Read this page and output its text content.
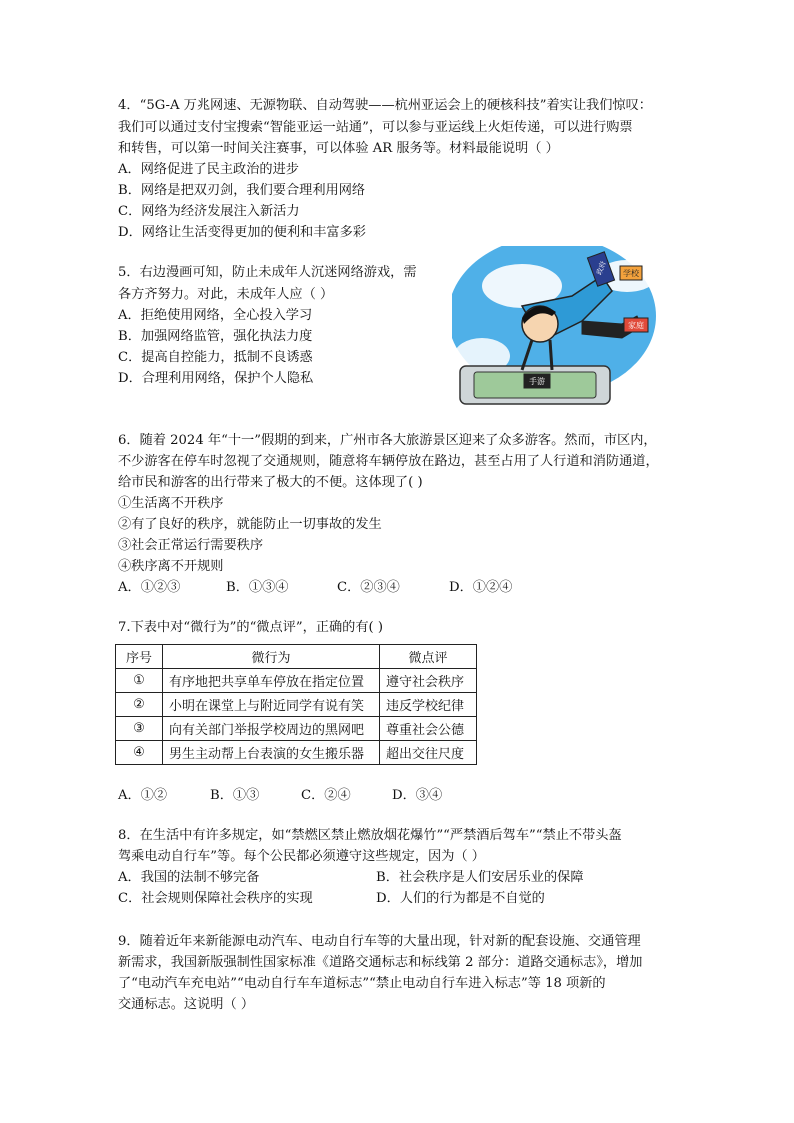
4．“5G-A 万兆网速、无源物联、自动驾驶——杭州亚运会上的硬核科技”着实让我们惊叹：
我们可以通过支付宝搜索“智能亚运一站通”，可以参与亚运线上火炬传递，可以进行购票
和转售，可以第一时间关注赛事，可以体验 AR 服务等。材料最能说明（ ）
A．网络促进了民主政治的进步
B．网络是把双刃剑，我们要合理利用网络
C．网络为经济发展注入新活力
D．网络让生活变得更加的便利和丰富多彩
5．右边漫画可知，防止未成年人沉迷网络游戏，需
各方齐努力。对此，未成年人应（ ）
A．拒绝使用网络，全心投入学习
B．加强网络监管，强化执法力度
C．提高自控能力，抵制不良诱惑
D．合理利用网络，保护个人隐私
政府 学校
家庭
手游
6．随着 2024 年“十一”假期的到来，广州市各大旅游景区迎来了众多游客。然而，市区内，
不少游客在停车时忽视了交通规则，随意将车辆停放在路边，甚至占用了人行道和消防通道，
给市民和游客的出行带来了极大的不便。这体现了( )
①生活离不开秩序
②有了良好的秩序，就能防止一切事故的发生
③社会正常运行需要秩序
④秩序离不开规则
A．①②③	B．①③④	C．②③④	D．①②④
7.下表中对“微行为”的“微点评”，正确的有( )
序号	微行为	微点评
①	有序地把共享单车停放在指定位置	遵守社会秩序
②	小明在课堂上与附近同学有说有笑	违反学校纪律
③	向有关部门举报学校周边的黑网吧	尊重社会公德
④	男生主动帮上台表演的女生搬乐器	超出交往尺度
A．①②	B．①③	C．②④	D．③④
8．在生活中有许多规定，如“禁燃区禁止燃放烟花爆竹”“严禁酒后驾车”“禁止不带头盔
驾乘电动自行车”等。每个公民都必须遵守这些规定，因为（ ）
A．我国的法制不够完备	B．社会秩序是人们安居乐业的保障
C．社会规则保障社会秩序的实现	D．人们的行为都是不自觉的
9．随着近年来新能源电动汽车、电动自行车等的大量出现，针对新的配套设施、交通管理
新需求，我国新版强制性国家标准《道路交通标志和标线第 2 部分：道路交通标志》，增加
了“电动汽车充电站”“电动自行车车道标志”“禁止电动自行车进入标志”等 18 项新的
交通标志。这说明（ ）
